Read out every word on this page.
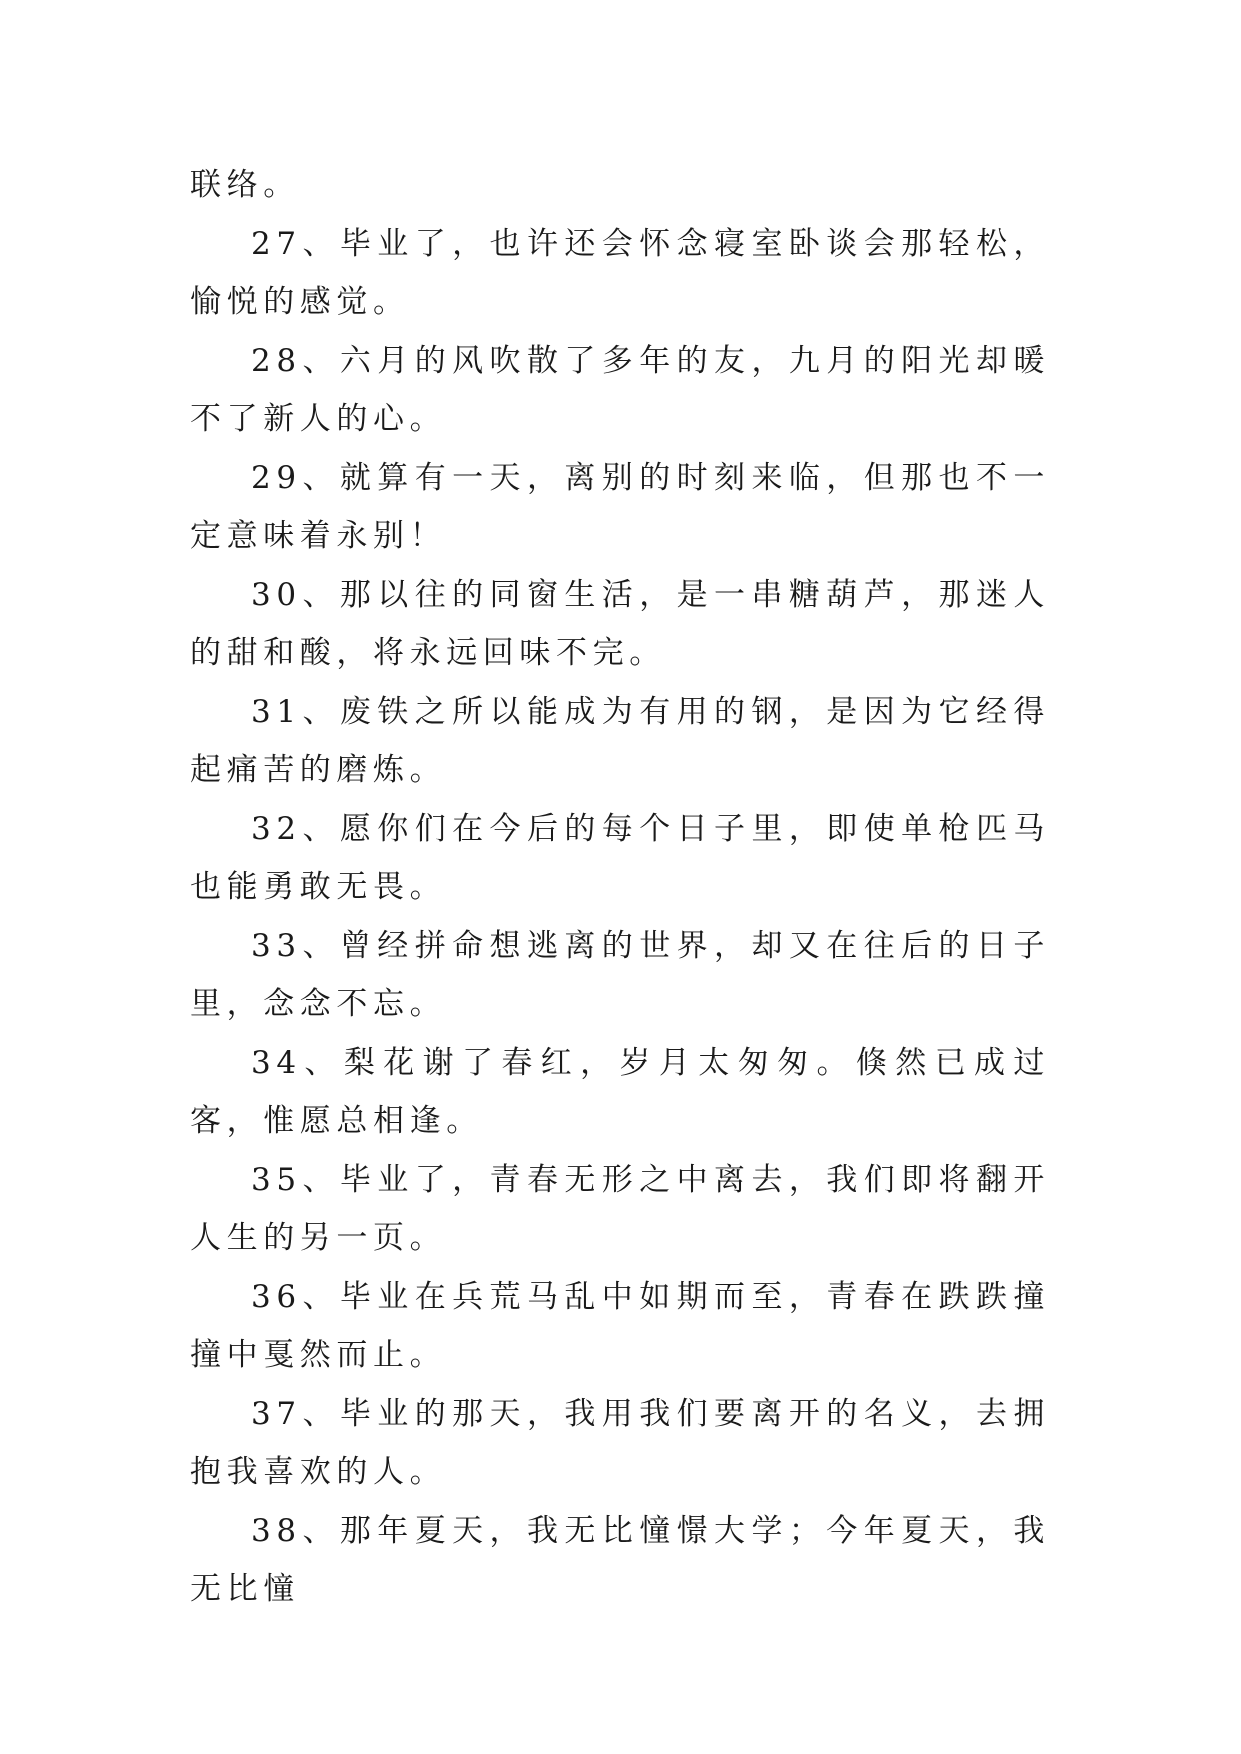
联络。

27、毕业了，也许还会怀念寝室卧谈会那轻松，愉悦的感觉。

28、六月的风吹散了多年的友，九月的阳光却暖不了新人的心。

29、就算有一天，离别的时刻来临，但那也不一定意味着永别！

30、那以往的同窗生活，是一串糖葫芦，那迷人的甜和酸，将永远回味不完。

31、废铁之所以能成为有用的钢，是因为它经得起痛苦的磨炼。

32、愿你们在今后的每个日子里，即使单枪匹马也能勇敢无畏。

33、曾经拼命想逃离的世界，却又在往后的日子里，念念不忘。

34、梨花谢了春红，岁月太匆匆。倏然已成过客，惟愿总相逢。

35、毕业了，青春无形之中离去，我们即将翻开人生的另一页。

36、毕业在兵荒马乱中如期而至，青春在跌跌撞撞中戛然而止。

37、毕业的那天，我用我们要离开的名义，去拥抱我喜欢的人。

38、那年夏天，我无比憧憬大学；今年夏天，我无比憧
